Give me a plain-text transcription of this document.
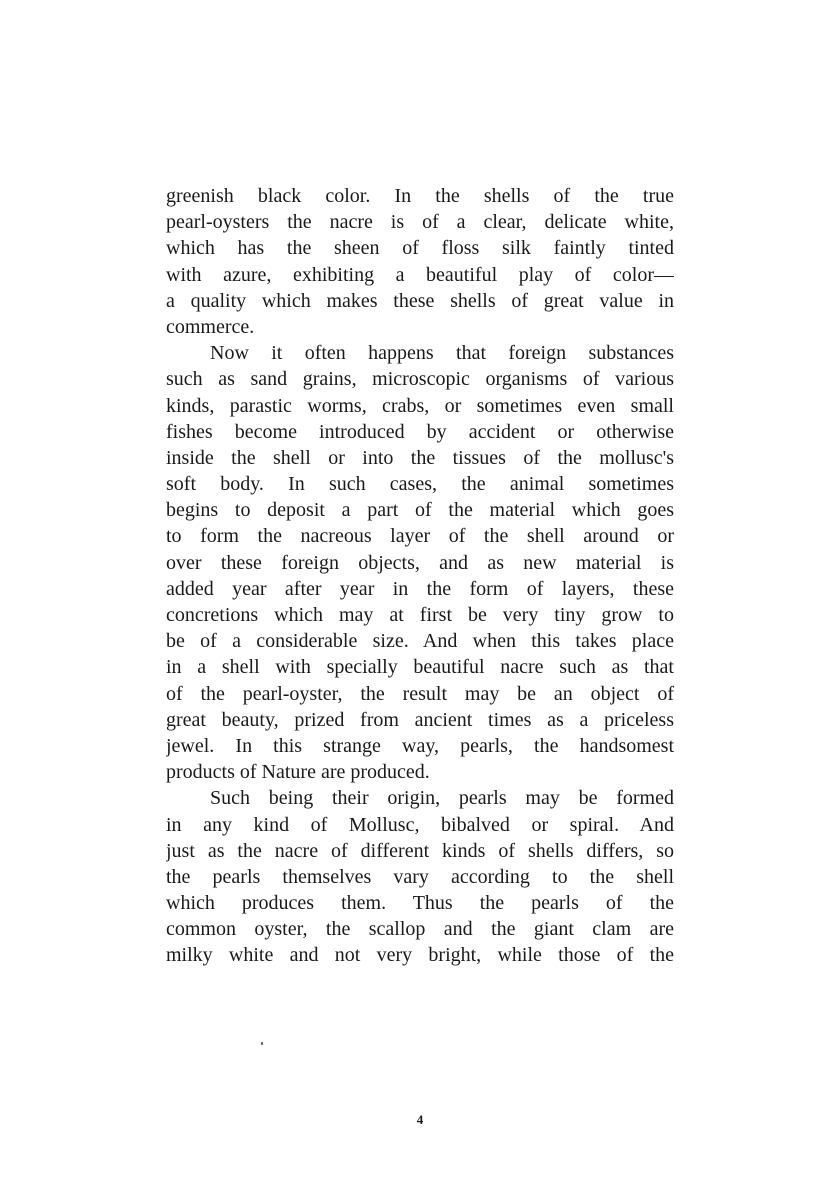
greenish black color. In the shells of the true
pearl-oysters the nacre is of a clear, delicate white,
which has the sheen of floss silk faintly tinted
with azure, exhibiting a beautiful play of color—
a quality which makes these shells of great value in
commerce.
Now it often happens that foreign substances
such as sand grains, microscopic organisms of various
kinds, parastic worms, crabs, or sometimes even small
fishes become introduced by accident or otherwise
inside the shell or into the tissues of the mollusc's
soft body. In such cases, the animal sometimes
begins to deposit a part of the material which goes
to form the nacreous layer of the shell around or
over these foreign objects, and as new material is
added year after year in the form of layers, these
concretions which may at first be very tiny grow to
be of a considerable size. And when this takes place
in a shell with specially beautiful nacre such as that
of the pearl-oyster, the result may be an object of
great beauty, prized from ancient times as a priceless
jewel. In this strange way, pearls, the handsomest
products of Nature are produced.
Such being their origin, pearls may be formed
in any kind of Mollusc, bibalved or spiral. And
just as the nacre of different kinds of shells differs, so
the pearls themselves vary according to the shell
which produces them. Thus the pearls of the
common oyster, the scallop and the giant clam are
milky white and not very bright, while those of the
4
